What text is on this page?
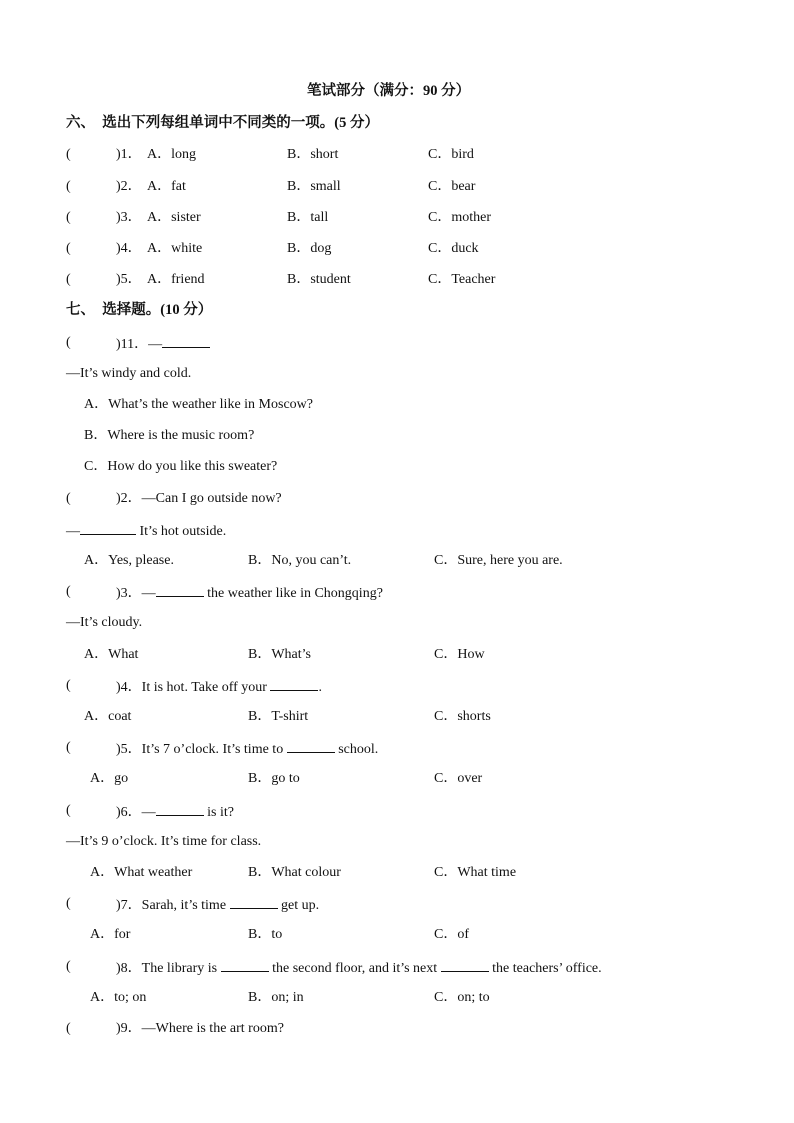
笔试部分（满分：90 分）
六、　选出下列每组单词中不同类的一项。(5 分）
(	)1． A．long	B．short	C．bird
(	)2． A．fat	B．small	C．bear
(	)3． A．sister	B．tall	C．mother
(	)4． A．white	B．dog	C．duck
(	)5． A．friend	B．student	C．Teacher
七、　选择题。(10 分）
(	)11．—
—It’s windy and cold.
A．What’s the weather like in Moscow?
B．Where is the music room?
C．How do you like this sweater?
(	)2．—Can I go outside now?
—	It’s hot outside.
A．Yes, please.	B．No, you can’t.	C．Sure, here you are.
(	)3．—	the weather like in Chongqing?
—It’s cloudy.
A．What	B．What’s	C．How
(	)4．It is hot. Take off your	.
A．coat	B．T-shirt	C．shorts
(	)5．It’s 7 o’clock. It’s time to	school.
A．go	B．go to	C．over
(	)6．—	is it?
—It’s 9 o’clock. It’s time for class.
A．What weather	B．What colour	C．What time
(	)7．Sarah, it’s time	get up.
A．for	B．to	C．of
(	)8．The library is	the second floor, and it’s next	the teachers’ office.
A．to; on	B．on; in	C．on; to
(	)9．—Where is the art room?
